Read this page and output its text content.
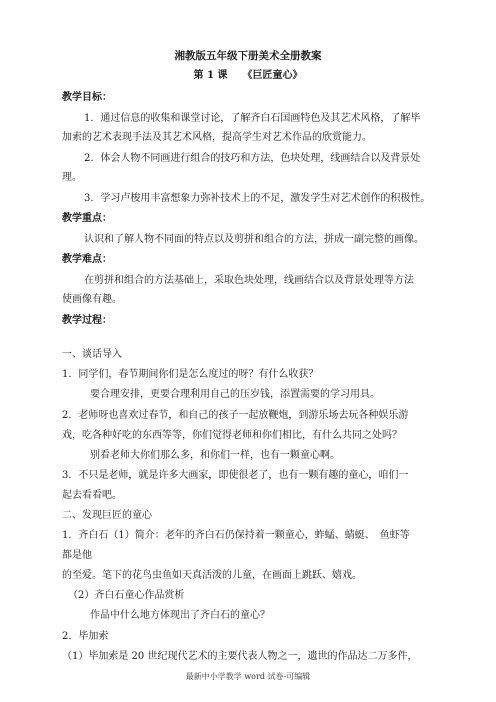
湘教版五年级下册美术全册教案
第 1 课　　《巨匠童心》
教学目标：
1．通过信息的收集和课堂讨论，了解齐白石国画特色及其艺术风格，了解毕
加索的艺术表现手法及其艺术风格，提高学生对艺术作品的欣赏能力。
2．体会人物不同画进行组合的技巧和方法，色块处理，线画结合以及背景处
理。
3．学习卢梭用丰富想象力弥补技术上的不足，激发学生对艺术创作的积极性。
教学重点：
认识和了解人物不同面的特点以及剪拼和组合的方法，拼成一副完整的画像。
教学难点：
在剪拼和组合的方法基础上，采取色块处理，线画结合以及背景处理等方法
使画像有趣。
教学过程：
一、谈话导入
1．同学们，春节期间你们是怎么度过的呀？有什么收获？
要合理安排，更要合理利用自己的压岁钱，添置需要的学习用具。
2．老师呀也喜欢过春节，和自己的孩子一起放鞭炮，到游乐场去玩各种娱乐游
戏，吃各种好吃的东西等等，你们觉得老师和你们相比，有什么共同之处吗？
别看老师大你们那么多，和你们一样，也有一颗童心啊。
3．不只是老师，就是许多大画家，即使很老了，也有一颗有趣的童心，咱们一
起去看看吧。
二、发现巨匠的童心
1．齐白石（1）简介：老年的齐白石仍保持着一颗童心，蚱蜢、蜻蜓、　鱼虾等
都是他
的至爱。笔下的花鸟虫鱼如天真活泼的儿童，在画面上跳跃、嬉戏。
（2）齐白石童心作品赏析
作品中什么地方体现出了齐白石的童心？
2．毕加索
（1）毕加索是 20 世纪现代艺术的主要代表人物之一，遗世的作品达二万多件，
最新中小学教学 word 试卷-可编辑
